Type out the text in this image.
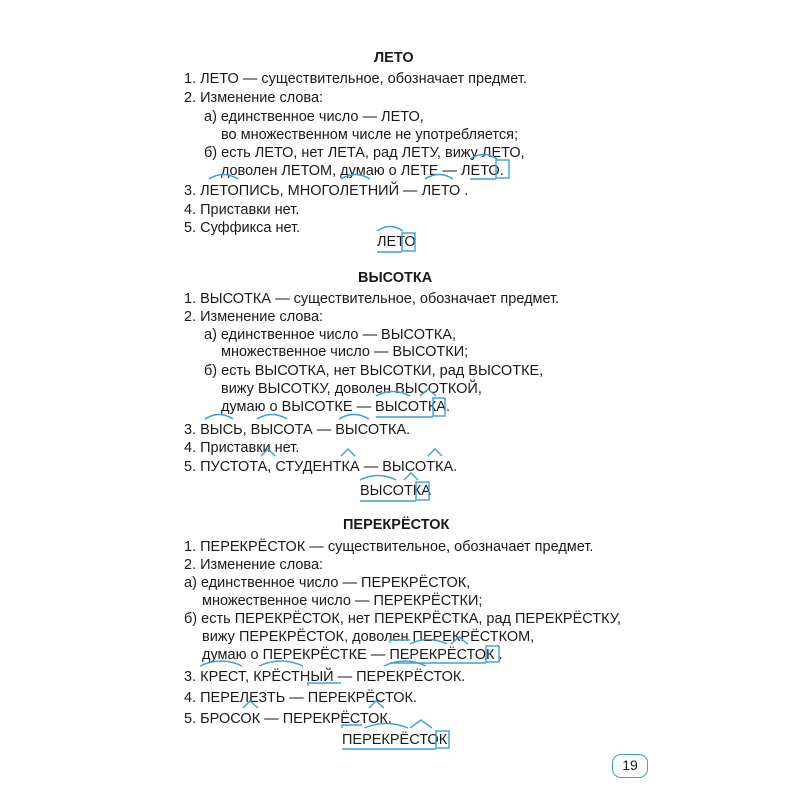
ЛЕТО
1. ЛЕТО — существительное, обозначает предмет.
2. Изменение слова:
а) единственное число — ЛЕТО,
во множественном числе не употребляется;
б) есть ЛЕТО, нет ЛЕТА, рад ЛЕТУ, вижу ЛЕТО,
доволен ЛЕТОМ, думаю о ЛЕТЕ — ЛЕТО.
3. ЛЕТОПИСЬ, МНОГОЛЕТНИЙ — ЛЕТО .
4. Приставки нет.
5. Суффикса нет.
ЛЕТО
ВЫСОТКА
1. ВЫСОТКА — существительное, обозначает предмет.
2. Изменение слова:
а) единственное число — ВЫСОТКА,
множественное число — ВЫСОТКИ;
б) есть ВЫСОТКА, нет ВЫСОТКИ, рад ВЫСОТКЕ,
вижу ВЫСОТКУ, доволен ВЫСОТКОЙ,
думаю о ВЫСОТКЕ — ВЫСОТКА.
3. ВЫСЬ, ВЫСОТА — ВЫСОТКА.
4. Приставки нет.
5. ПУСТОТА, СТУДЕНТКА — ВЫСОТКА.
ВЫСОТКА
ПЕРЕКРЁСТОК
1. ПЕРЕКРЁСТОК — существительное, обозначает предмет.
2. Изменение слова:
а) единственное число — ПЕРЕКРЁСТОК,
множественное число — ПЕРЕКРЁСТКИ;
б) есть ПЕРЕКРЁСТОК, нет ПЕРЕКРЁСТКА, рад ПЕРЕКРЁСТКУ,
вижу ПЕРЕКРЁСТОК, доволен ПЕРЕКРЁСТКОМ,
думаю о ПЕРЕКРЁСТКЕ — ПЕРЕКРЁСТОК .
3. КРЕСТ, КРЁСТНЫЙ — ПЕРЕКРЁСТОК.
4. ПЕРЕЛЕЗТЬ — ПЕРЕКРЁСТОК.
5. БРОСОК — ПЕРЕКРЁСТОК.
ПЕРЕКРЁСТОК
19
